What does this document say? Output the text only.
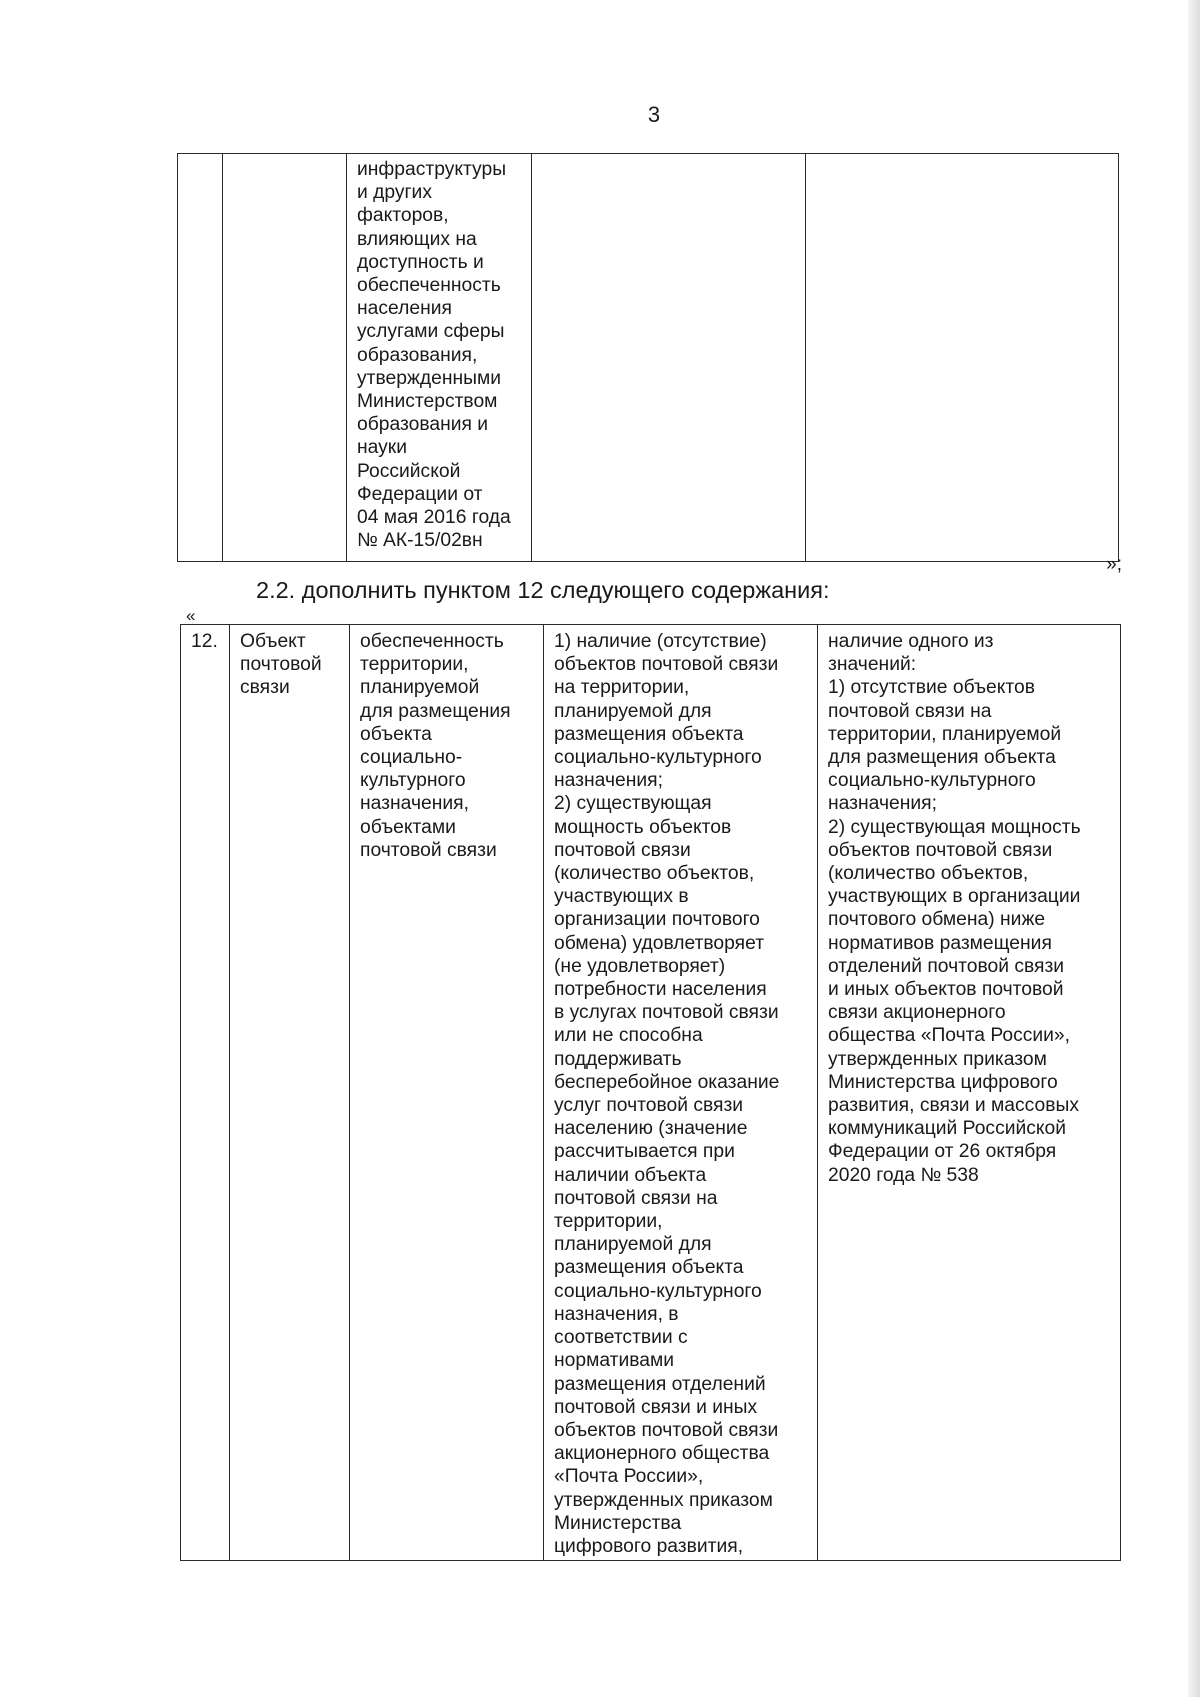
3
		инфраструктуры
и других
факторов,
влияющих на
доступность и
обеспеченность
населения
услугами сферы
образования,
утвержденными
Министерством
образования и
науки
Российской
Федерации от
04 мая 2016 года
№ АК-15/02вн		
»;
2.2. дополнить пунктом 12 следующего содержания:
«
12.	Объект
почтовой
связи	обеспеченность
территории,
планируемой
для размещения
объекта
социально-
культурного
назначения,
объектами
почтовой связи	1) наличие (отсутствие)
объектов почтовой связи
на территории,
планируемой для
размещения объекта
социально-культурного
назначения;
2) существующая
мощность объектов
почтовой связи
(количество объектов,
участвующих в
организации почтового
обмена) удовлетворяет
(не удовлетворяет)
потребности населения
в услугах почтовой связи
или не способна
поддерживать
бесперебойное оказание
услуг почтовой связи
населению (значение
рассчитывается при
наличии объекта
почтовой связи на
территории,
планируемой для
размещения объекта
социально-культурного
назначения, в
соответствии с
нормативами
размещения отделений
почтовой связи и иных
объектов почтовой связи
акционерного общества
«Почта России»,
утвержденных приказом
Министерства
цифрового развития,	наличие одного из
значений:
1) отсутствие объектов
почтовой связи на
территории, планируемой
для размещения объекта
социально-культурного
назначения;
2) существующая мощность
объектов почтовой связи
(количество объектов,
участвующих в организации
почтового обмена) ниже
нормативов размещения
отделений почтовой связи
и иных объектов почтовой
связи акционерного
общества «Почта России»,
утвержденных приказом
Министерства цифрового
развития, связи и массовых
коммуникаций Российской
Федерации от 26 октября
2020 года № 538
